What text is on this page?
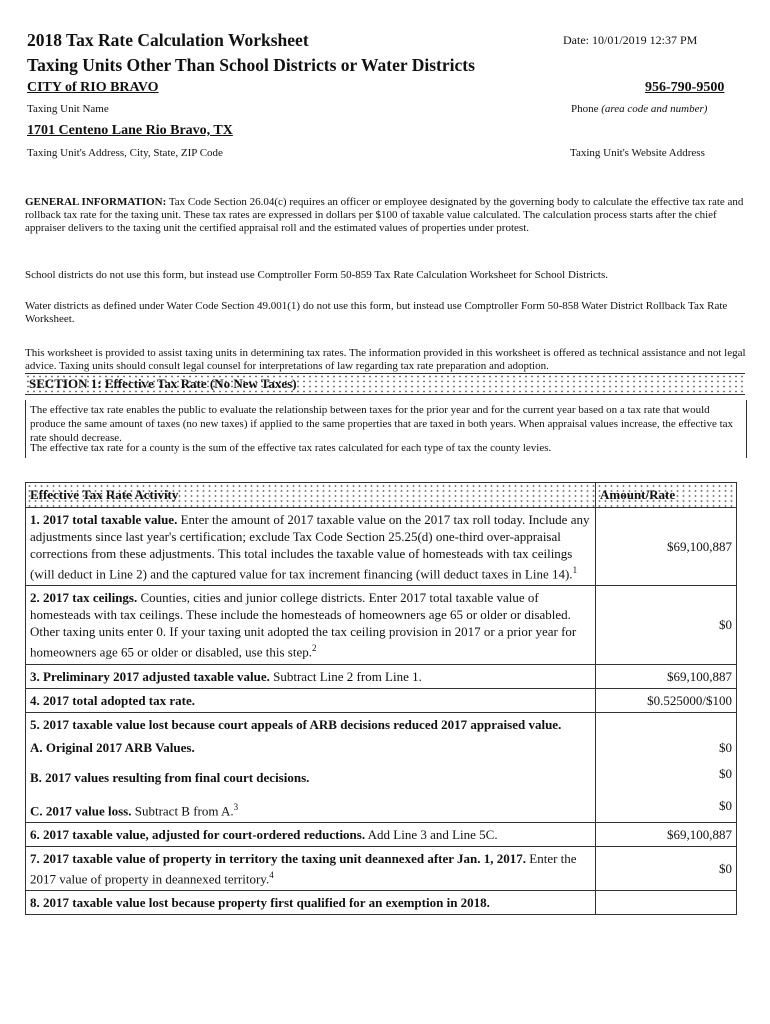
2018 Tax Rate Calculation Worksheet
Taxing Units Other Than School Districts or Water Districts
Date: 10/01/2019 12:37 PM
CITY of RIO BRAVO
Taxing Unit Name
956-790-9500
Phone (area code and number)
1701 Centeno Lane Rio Bravo, TX
Taxing Unit's Address, City, State, ZIP Code	Taxing Unit's Website Address
GENERAL INFORMATION: Tax Code Section 26.04(c) requires an officer or employee designated by the governing body to calculate the effective tax rate and rollback tax rate for the taxing unit. These tax rates are expressed in dollars per $100 of taxable value calculated. The calculation process starts after the chief appraiser delivers to the taxing unit the certified appraisal roll and the estimated values of properties under protest.
School districts do not use this form, but instead use Comptroller Form 50-859 Tax Rate Calculation Worksheet for School Districts.
Water districts as defined under Water Code Section 49.001(1) do not use this form, but instead use Comptroller Form 50-858 Water District Rollback Tax Rate Worksheet.
This worksheet is provided to assist taxing units in determining tax rates. The information provided in this worksheet is offered as technical assistance and not legal advice. Taxing units should consult legal counsel for interpretations of law regarding tax rate preparation and adoption.
SECTION 1: Effective Tax Rate (No New Taxes)
The effective tax rate enables the public to evaluate the relationship between taxes for the prior year and for the current year based on a tax rate that would produce the same amount of taxes (no new taxes) if applied to the same properties that are taxed in both years. When appraisal values increase, the effective tax rate should decrease.
The effective tax rate for a county is the sum of the effective tax rates calculated for each type of tax the county levies.
Effective Tax Rate Activity	Amount/Rate
1. 2017 total taxable value. Enter the amount of 2017 taxable value on the 2017 tax roll today. Include any adjustments since last year's certification; exclude Tax Code Section 25.25(d) one-third over-appraisal corrections from these adjustments. This total includes the taxable value of homesteads with tax ceilings (will deduct in Line 2) and the captured value for tax increment financing (will deduct taxes in Line 14).$^1$	$69,100,887
2. 2017 tax ceilings. Counties, cities and junior college districts. Enter 2017 total taxable value of homesteads with tax ceilings. These include the homesteads of homeowners age 65 or older or disabled. Other taxing units enter 0. If your taxing unit adopted the tax ceiling provision in 2017 or a prior year for homeowners age 65 or older or disabled, use this step.$^2$	$0
3. Preliminary 2017 adjusted taxable value. Subtract Line 2 from Line 1.	$69,100,887
4. 2017 total adopted tax rate.	$0.525000/$100
5. 2017 taxable value lost because court appeals of ARB decisions reduced 2017 appraised value.	
A. Original 2017 ARB Values.	$0
B. 2017 values resulting from final court decisions.	$0
C. 2017 value loss. Subtract B from A.$^3$	$0
6. 2017 taxable value, adjusted for court-ordered reductions. Add Line 3 and Line 5C.	$69,100,887
7. 2017 taxable value of property in territory the taxing unit deannexed after Jan. 1, 2017. Enter the 2017 value of property in deannexed territory.$^4$	$0
8. 2017 taxable value lost because property first qualified for an exemption in 2018.	
